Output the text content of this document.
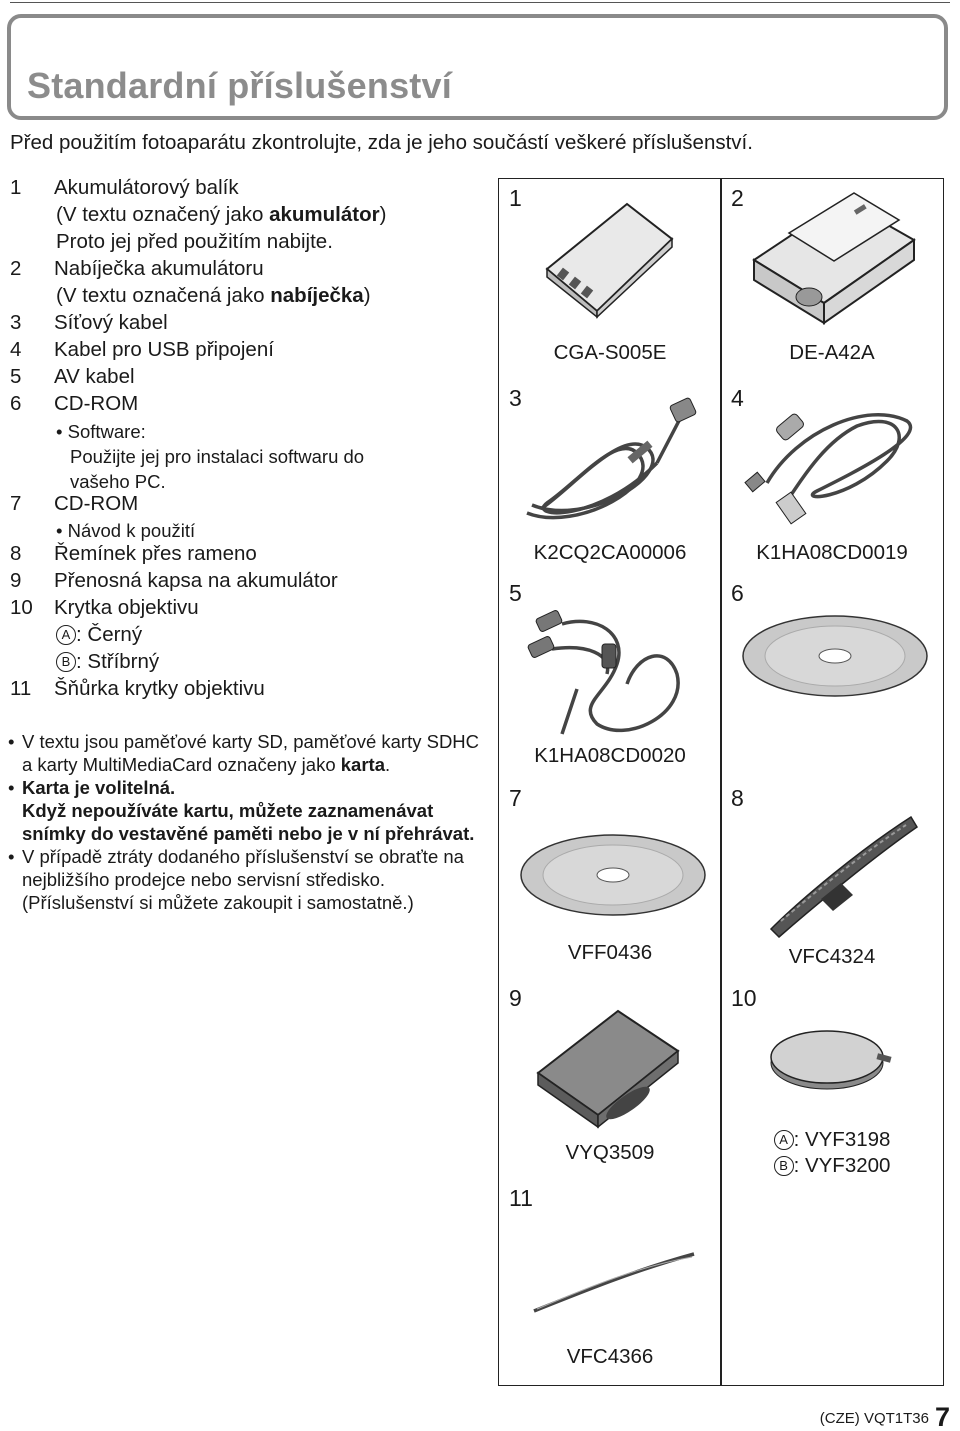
Standardní příslušenství
Před použitím fotoaparátu zkontrolujte, zda je jeho součástí veškeré příslušenství.
1	Akumulátorový balík
(V textu označený jako akumulátor)
Proto jej před použitím nabijte.
2	Nabíječka akumulátoru
(V textu označená jako nabíječka)
3	Síťový kabel
4	Kabel pro USB připojení
5	AV kabel
6	CD-ROM
• Software:
Použijte jej pro instalaci softwaru do
vašeho PC.
7	CD-ROM
• Návod k použití
8	Řemínek přes rameno
9	Přenosná kapsa na akumulátor
10	Krytka objektivu
A : Černý
B : Stříbrný
11	Šňůrka krytky objektivu
• V textu jsou paměťové karty SD, paměťové karty SDHC a karty MultiMediaCard označeny jako karta.
• Karta je volitelná.
Když nepoužíváte kartu, můžete zaznamenávat snímky do vestavěné paměti nebo je v ní přehrávat.
• V případě ztráty dodaného příslušenství se obraťte na nejbližšího prodejce nebo servisní středisko. (Příslušenství si můžete zakoupit i samostatně.)
1
CGA-S005E
2
DE-A42A
3
K2CQ2CA00006
4
K1HA08CD0019
5
K1HA08CD0020
6
7
VFF0436
8
VFC4324
9
VYQ3509
10
A : VYF3198
B : VYF3200
11
VFC4366
(CZE) VQT1T36 7
